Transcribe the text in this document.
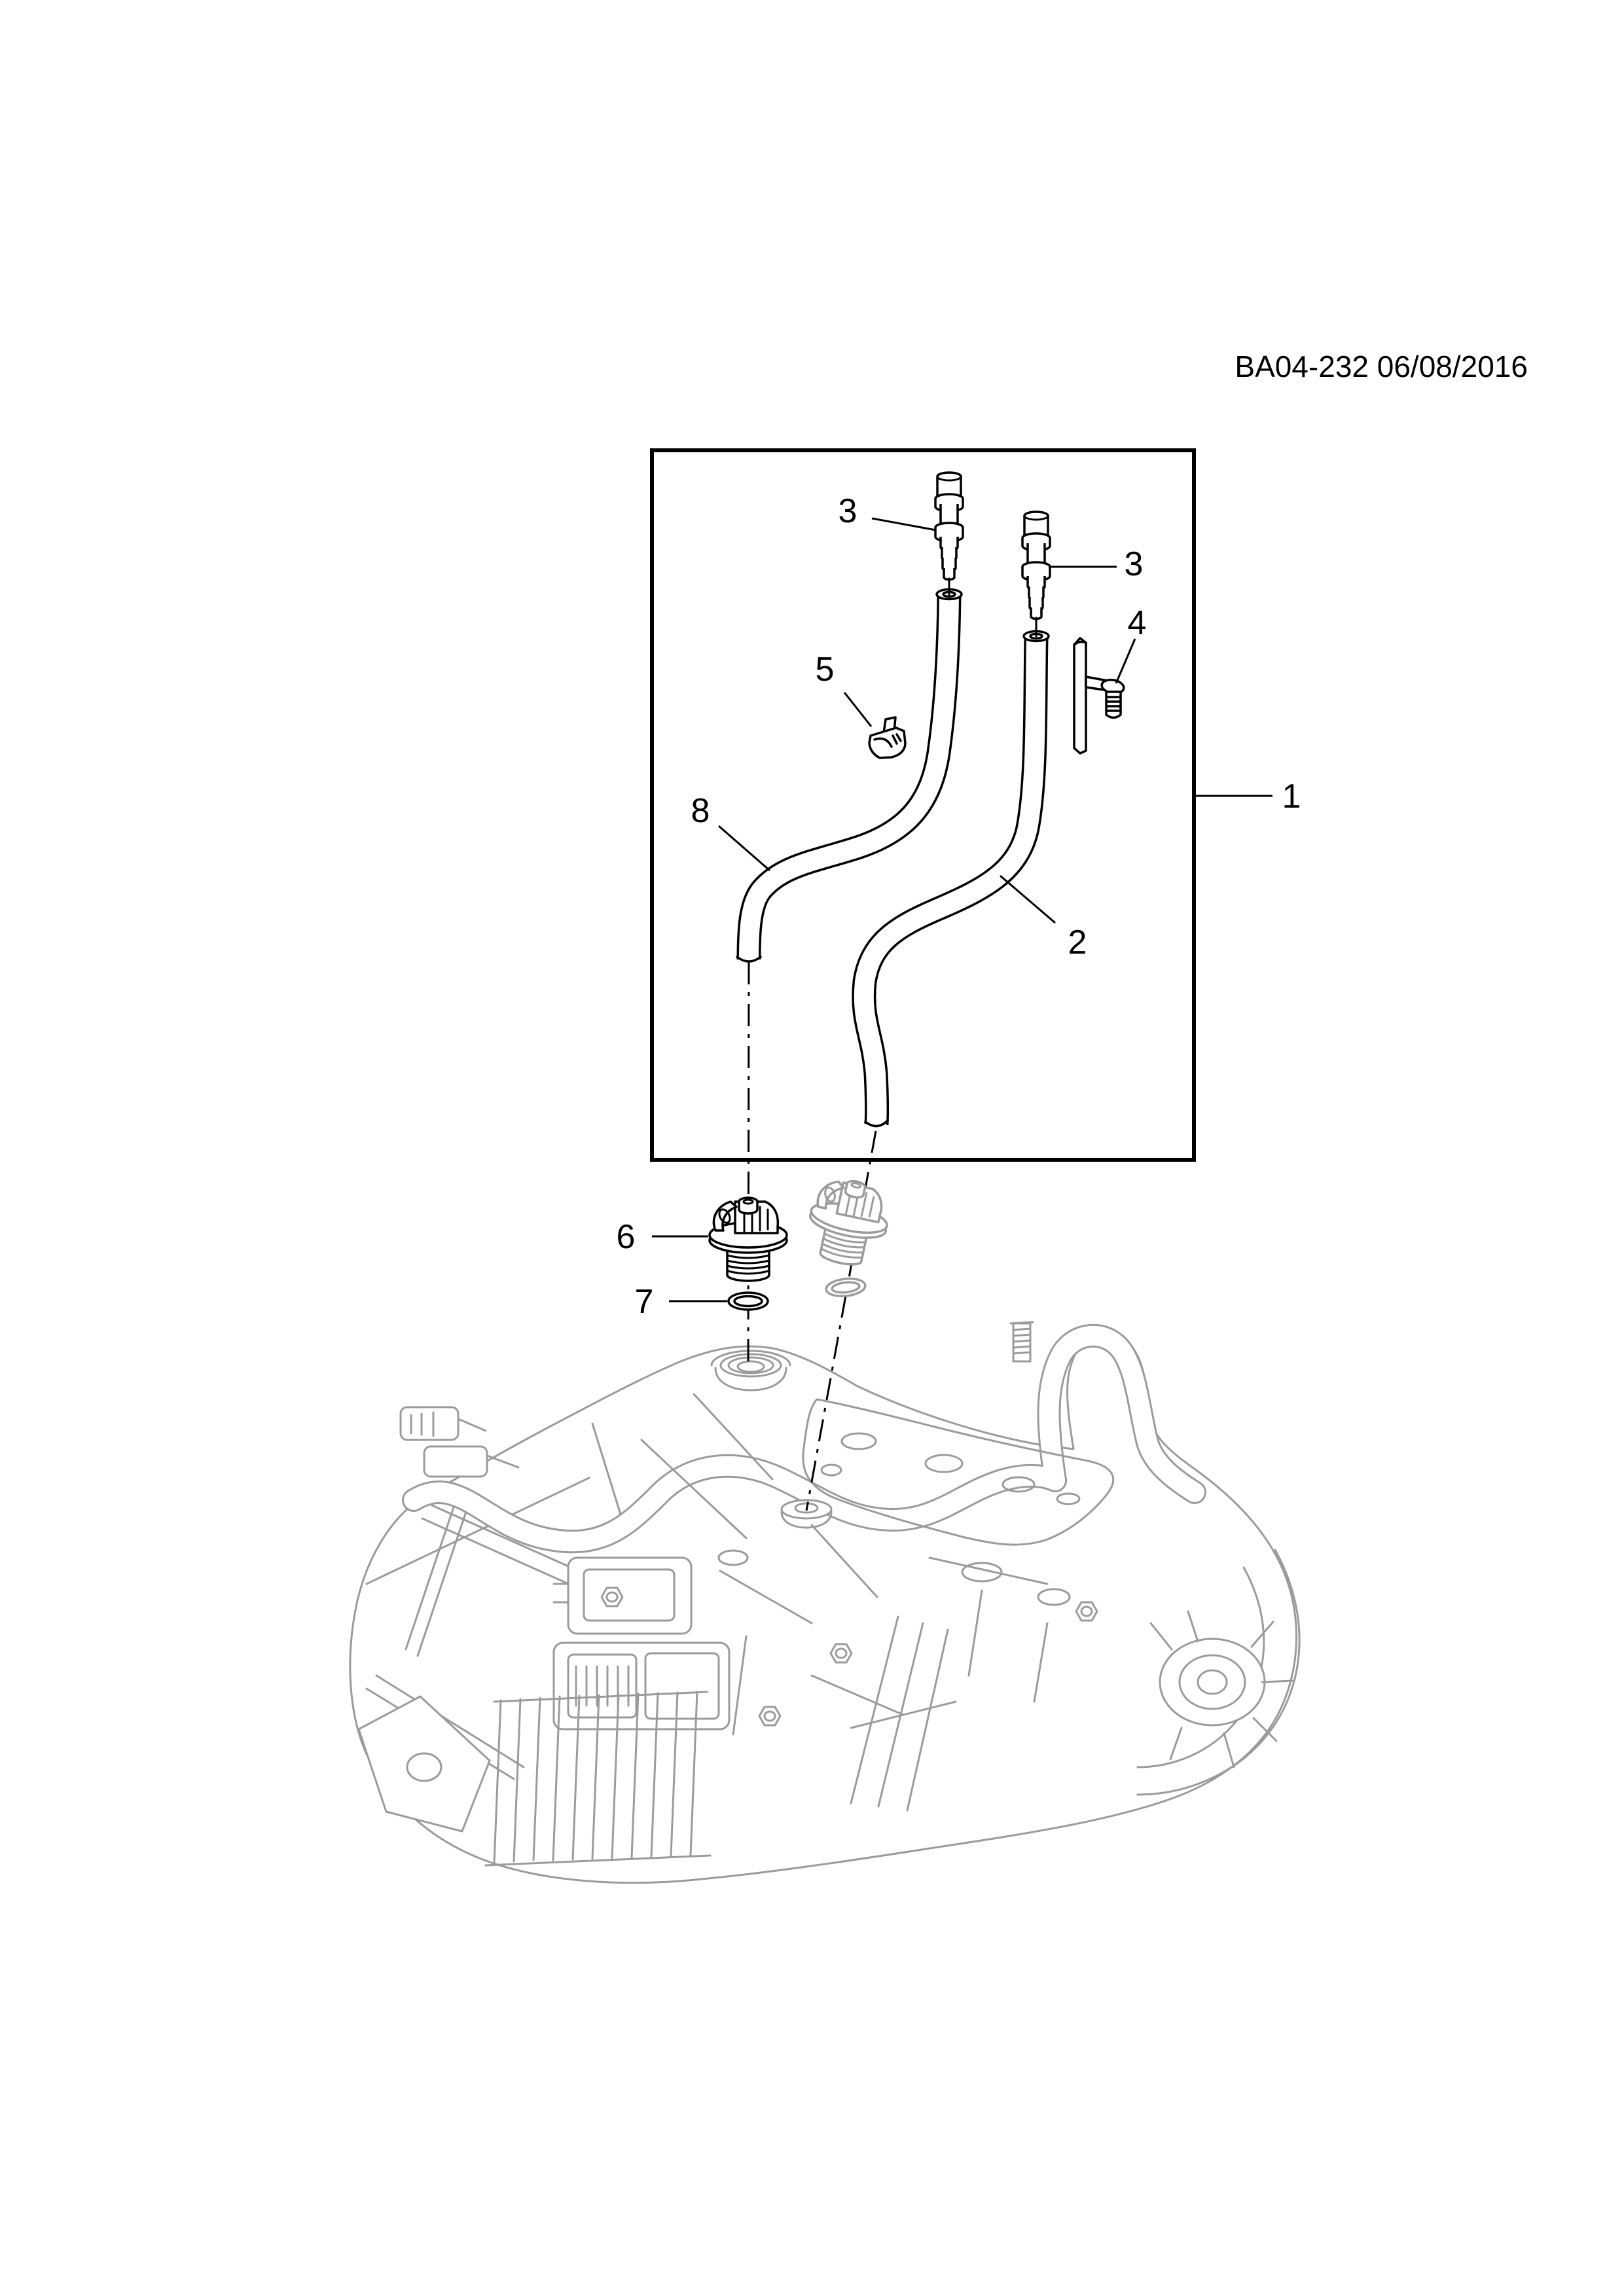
BA04-232 06/08/2016
1
2
3
3
4
5
6
7
8
